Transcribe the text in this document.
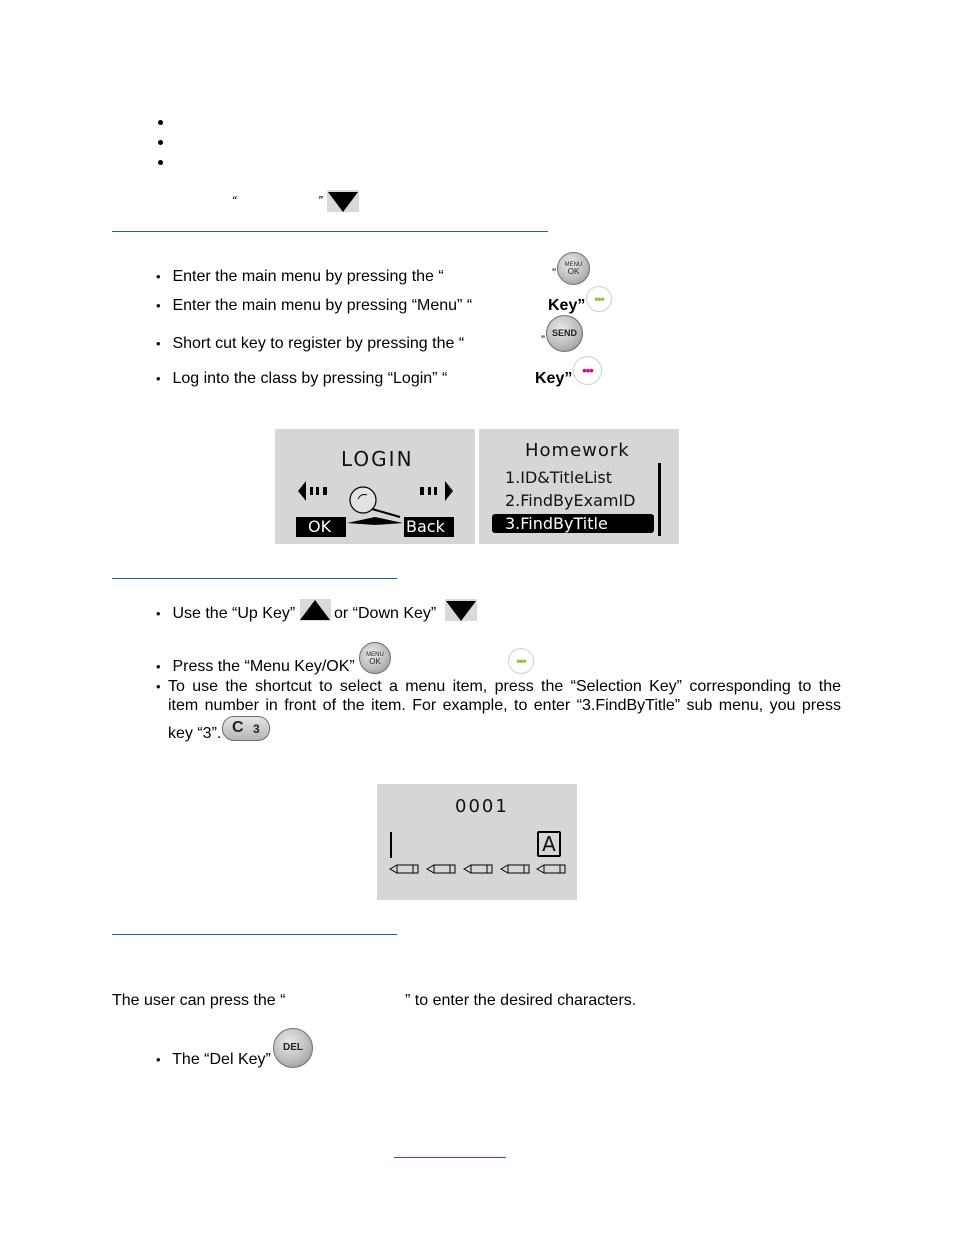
“	”
• Enter the main menu by pressing the “	”
MENU
OK
• Enter the main menu by pressing “Menu” “	Key” •••
• Short cut key to register by pressing the “	” SEND
• Log into the class by pressing “Login” “	Key” •••
LOGIN
OK	Back
Homework
1.ID&TitleList
2.FindByExamID
3.FindByTitle
• Use the “Up Key” or “Down Key”
• Press the “Menu Key/OK”
MENU
OK	•••
•
To use the shortcut to select a menu item, press the “Selection Key” corresponding to the
item number in front of the item. For example, to enter “3.FindByTitle” sub menu, you press
key “3”. C 3
0001
A
The user can press the “	” to enter the desired characters.
• The “Del Key”
DEL
